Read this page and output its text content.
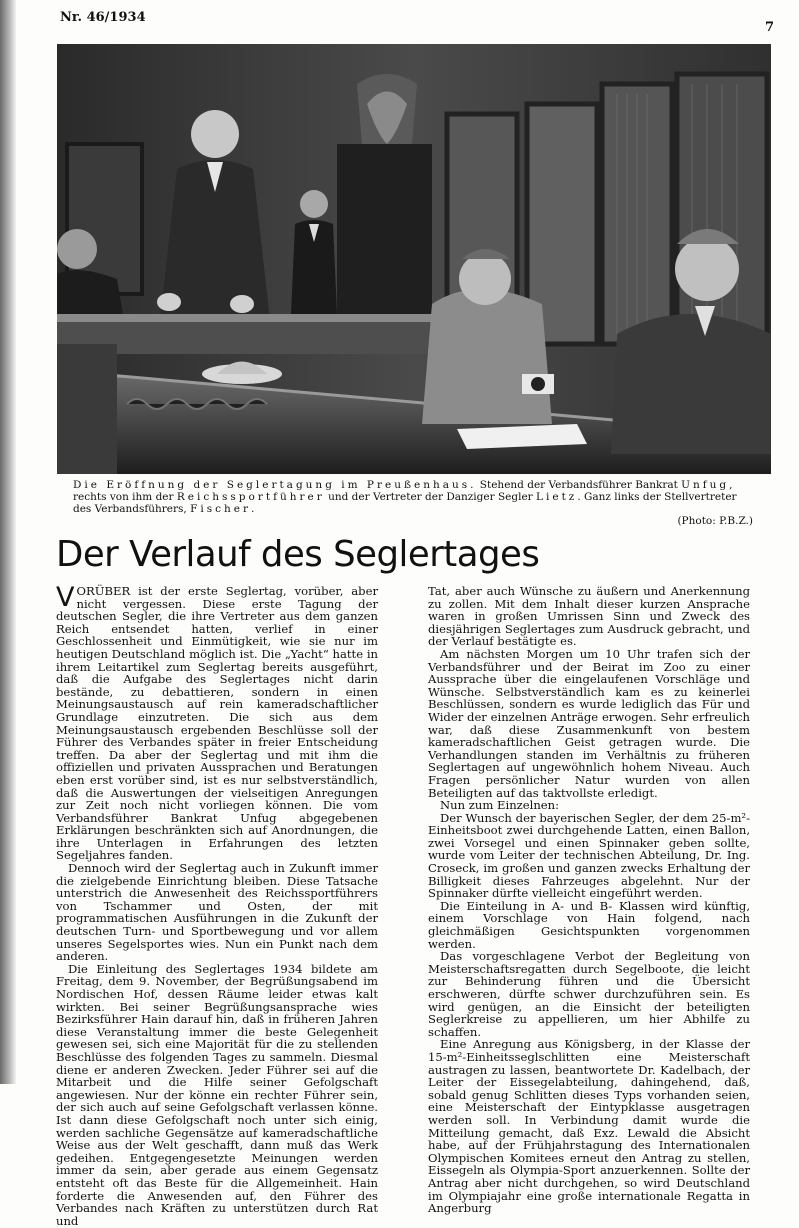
Nr. 46/1934
7
Die Eröffnung der Seglertagung im Preußenhaus. Stehend der Verbandsführer Bankrat Unfug, rechts von ihm der Reichssportführer und der Vertreter der Danziger Segler Lietz. Ganz links der Stellvertreter des Verbandsführers, Fischer.
(Photo: P.B.Z.)
Der Verlauf des Seglertages

VORÜBER ist der erste Seglertag, vorüber, aber nicht vergessen. Diese erste Tagung der deutschen Segler, die ihre Vertreter aus dem ganzen Reich entsendet hatten, verlief in einer Geschlossenheit und Einmütigkeit, wie sie nur im heutigen Deutschland möglich ist. Die „Yacht“ hatte in ihrem Leitartikel zum Seglertag bereits ausgeführt, daß die Aufgabe des Seglertages nicht darin bestände, zu debattieren, sondern in einen Meinungsaustausch auf rein kameradschaftlicher Grundlage einzutreten. Die sich aus dem Meinungsaustausch ergebenden Beschlüsse soll der Führer des Verbandes später in freier Entscheidung treffen. Da aber der Seglertag und mit ihm die offiziellen und privaten Aussprachen und Beratungen eben erst vorüber sind, ist es nur selbstverständlich, daß die Auswertungen der vielseitigen Anregungen zur Zeit noch nicht vorliegen können. Die vom Verbandsführer Bankrat Unfug abgegebenen Erklärungen beschränkten sich auf Anordnungen, die ihre Unterlagen in Erfahrungen des letzten Segeljahres fanden.

Dennoch wird der Seglertag auch in Zukunft immer die zielgebende Einrichtung bleiben. Diese Tatsache unterstrich die Anwesenheit des Reichssportführers von Tschammer und Osten, der mit programmatischen Ausführungen in die Zukunft der deutschen Turn- und Sportbewegung und vor allem unseres Segelsportes wies. Nun ein Punkt nach dem anderen.

Die Einleitung des Seglertages 1934 bildete am Freitag, dem 9. November, der Begrüßungsabend im Nordischen Hof, dessen Räume leider etwas kalt wirkten. Bei seiner Begrüßungsansprache wies Bezirksführer Hain darauf hin, daß in früheren Jahren diese Veranstaltung immer die beste Gelegenheit gewesen sei, sich eine Majorität für die zu stellenden Beschlüsse des folgenden Tages zu sammeln. Diesmal diene er anderen Zwecken. Jeder Führer sei auf die Mitarbeit und die Hilfe seiner Gefolgschaft angewiesen. Nur der könne ein rechter Führer sein, der sich auch auf seine Gefolgschaft verlassen könne. Ist dann diese Gefolgschaft noch unter sich einig, werden sachliche Gegensätze auf kameradschaftliche Weise aus der Welt geschafft, dann muß das Werk gedeihen. Entgegengesetzte Meinungen werden immer da sein, aber gerade aus einem Gegensatz entsteht oft das Beste für die Allgemeinheit. Hain forderte die Anwesenden auf, den Führer des Verbandes nach Kräften zu unterstützen durch Rat und

Tat, aber auch Wünsche zu äußern und Anerkennung zu zollen. Mit dem Inhalt dieser kurzen Ansprache waren in großen Umrissen Sinn und Zweck des diesjährigen Seglertages zum Ausdruck gebracht, und der Verlauf bestätigte es.

Am nächsten Morgen um 10 Uhr trafen sich der Verbandsführer und der Beirat im Zoo zu einer Aussprache über die eingelaufenen Vorschläge und Wünsche. Selbstverständlich kam es zu keinerlei Beschlüssen, sondern es wurde lediglich das Für und Wider der einzelnen Anträge erwogen. Sehr erfreulich war, daß diese Zusammenkunft von bestem kameradschaftlichen Geist getragen wurde. Die Verhandlungen standen im Verhältnis zu früheren Seglertagen auf ungewöhnlich hohem Niveau. Auch Fragen persönlicher Natur wurden von allen Beteiligten auf das taktvollste erledigt.

Nun zum Einzelnen:

Der Wunsch der bayerischen Segler, der dem 25-m²-Einheitsboot zwei durchgehende Latten, einen Ballon, zwei Vorsegel und einen Spinnaker geben sollte, wurde vom Leiter der technischen Abteilung, Dr. Ing. Croseck, im großen und ganzen zwecks Erhaltung der Billigkeit dieses Fahrzeuges abgelehnt. Nur der Spinnaker dürfte vielleicht eingeführt werden.

Die Einteilung in A- und B- Klassen wird künftig, einem Vorschlage von Hain folgend, nach gleichmäßigen Gesichtspunkten vorgenommen werden.

Das vorgeschlagene Verbot der Begleitung von Meisterschaftsregatten durch Segelboote, die leicht zur Behinderung führen und die Übersicht erschweren, dürfte schwer durchzuführen sein. Es wird genügen, an die Einsicht der beteiligten Seglerkreise zu appellieren, um hier Abhilfe zu schaffen.

Eine Anregung aus Königsberg, in der Klasse der 15-m²-Einheitsseglschlitten eine Meisterschaft austragen zu lassen, beantwortete Dr. Kadelbach, der Leiter der Eissegelabteilung, dahingehend, daß, sobald genug Schlitten dieses Typs vorhanden seien, eine Meisterschaft der Eintypklasse ausgetragen werden soll. In Verbindung damit wurde die Mitteilung gemacht, daß Exz. Lewald die Absicht habe, auf der Frühjahrstagung des Internationalen Olympischen Komitees erneut den Antrag zu stellen, Eissegeln als Olympia-Sport anzuerkennen. Sollte der Antrag aber nicht durchgehen, so wird Deutschland im Olympiajahr eine große internationale Regatta in Angerburg
